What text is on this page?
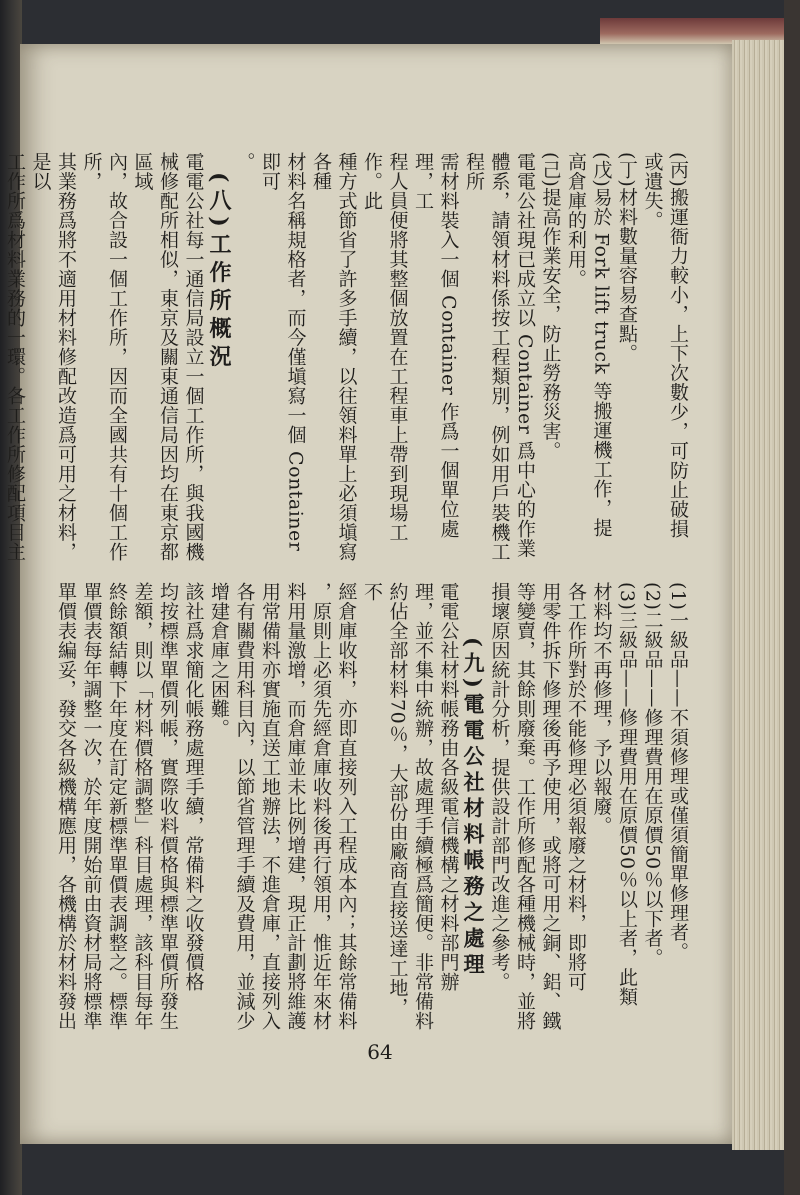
(丙)搬運衙力較小，上下次數少，可防止破損

或遺失。

(丁)材料數量容易查點。

(戊)易於 Fork lift truck 等搬運機工作，提

高倉庫的利用。

(己)提高作業安全，防止勞務災害。

電電公社現已成立以 Container 爲中心的作業

體系，請領材料係按工程類別，例如用戶裝機工程所

需材料裝入一個 Container 作爲一個單位處理，工

程人員便將其整個放置在工程車上帶到現場工作。此

種方式節省了許多手續，以往領料單上必須塡寫各種

材料名稱規格者，而今僅塡寫一個 Container 即可

。

(八)工作所概況

電電公社每一通信局設立一個工作所，與我國機

械修配所相似，東京及關東通信局因均在東京都區域

內，故合設一個工作所，因而全國共有十個工作所，

其業務爲將不適用材料修配改造爲可用之材料，是以

工作所爲材料業務的一環。各工作所修配項目主

(1)一級品——不須修理或僅須簡單修理者。

(2)二級品——修理費用在原價50％以下者。

(3)三級品——修理費用在原價50％以上者，此類

材料均不再修理，予以報廢。

各工作所對於不能修理必須報廢之材料，即將可

用零件拆下修理後再予使用，或將可用之銅、鋁、鐵

等變賣，其餘則廢棄。工作所修配各種機械時，並將

損壞原因統計分析，提供設計部門改進之參考。

(九)電電公社材料帳務之處理

電電公社材料帳務由各級電信機構之材料部門辦

理，並不集中統辦，故處理手續極爲簡便。非常備料

約佔全部材料70％，大部份由廠商直接送達工地，不

經倉庫收料，亦即直接列入工程成本內；其餘常備料

，原則上必須先經倉庫收料後再行領用，惟近年來材

料用量激增，而倉庫並未比例增建，現正計劃將維護

用常備料亦實施直送工地辦法，不進倉庫，直接列入

各有關費用科目內，以節省管理手續及費用，並減少

增建倉庫之困難。

該社爲求簡化帳務處理手續，常備料之收發價格

均按標準單價列帳，實際收料價格與標準單價所發生

差額，則以「材料價格調整」科目處理，該科目每年

終餘額結轉下年度在訂定新標準單價表調整之。標準

單價表每年調整一次，於年度開始前由資材局將標準

單價表編妥，發交各級機構應用，各機構於材料發出

64
